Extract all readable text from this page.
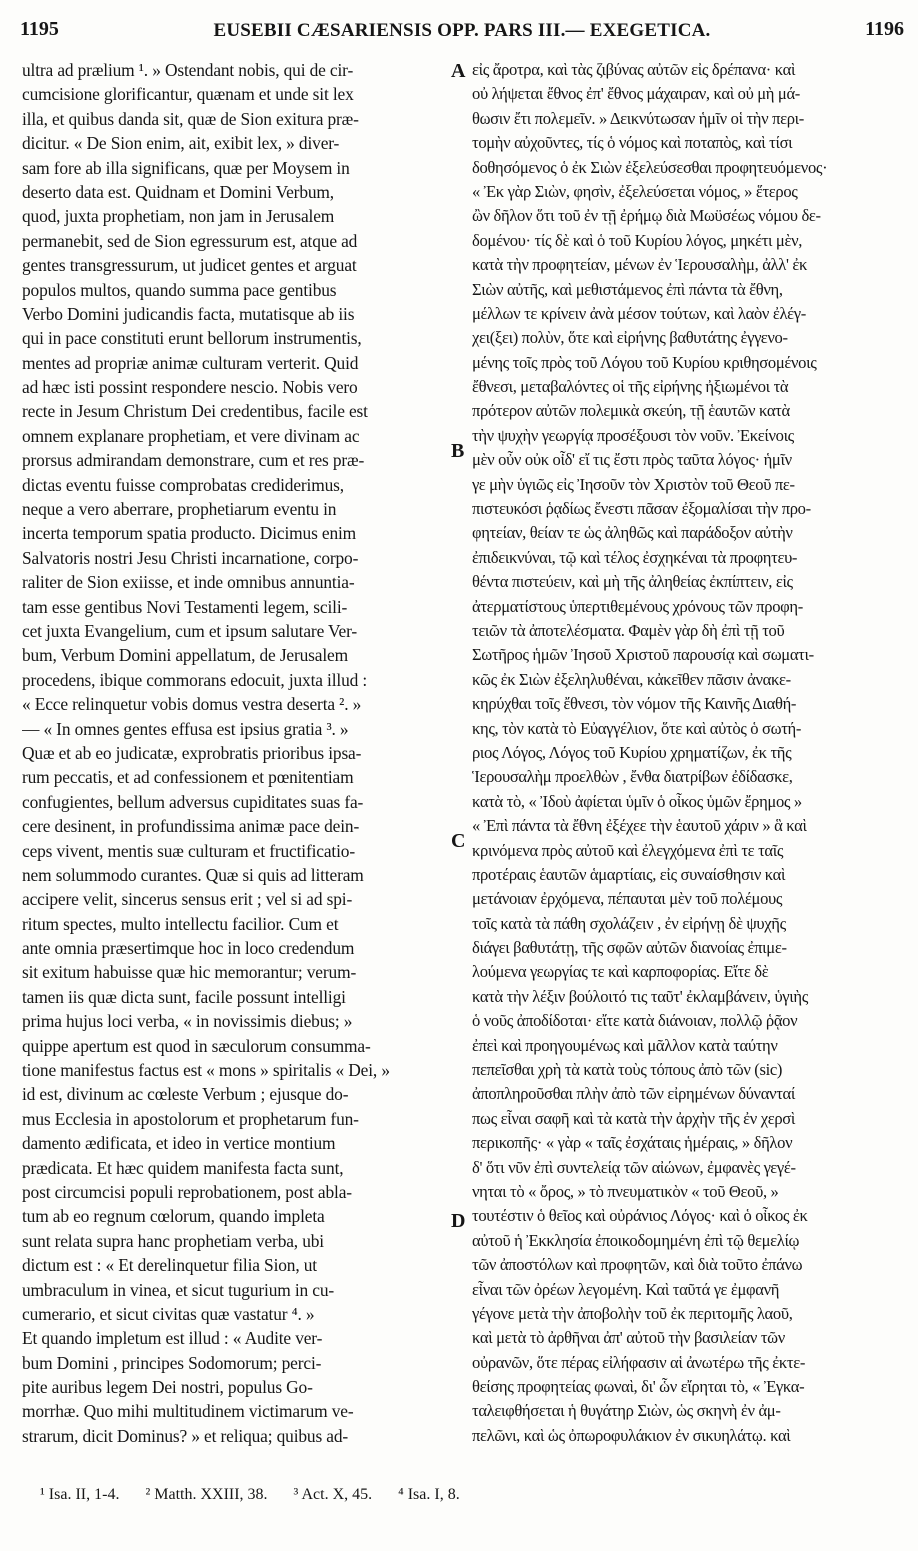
1195	EUSEBII CÆSARIENSIS OPP. PARS III.— EXEGETICA.	1196
ultra ad prælium ¹. » Ostendant nobis, qui de cir-
cumcisione glorificantur, quænam et unde sit lex
illa, et quibus danda sit, quæ de Sion exitura præ-
dicitur. « De Sion enim, ait, exibit lex, » diver-
sam fore ab illa significans, quæ per Moysem in
deserto data est. Quidnam et Domini Verbum,
quod, juxta prophetiam, non jam in Jerusalem
permanebit, sed de Sion egressurum est, atque ad
gentes transgressurum, ut judicet gentes et arguat
populos multos, quando summa pace gentibus
Verbo Domini judicandis facta, mutatisque ab iis
qui in pace constituti erunt bellorum instrumentis,
mentes ad propriæ animæ culturam verterit. Quid
ad hæc isti possint respondere nescio. Nobis vero
recte in Jesum Christum Dei credentibus, facile est
omnem explanare prophetiam, et vere divinam ac
prorsus admirandam demonstrare, cum et res præ-
dictas eventu fuisse comprobatas crediderimus,
neque a vero aberrare, prophetiarum eventu in
incerta temporum spatia producto. Dicimus enim
Salvatoris nostri Jesu Christi incarnatione, corpo-
raliter de Sion exiisse, et inde omnibus annuntia-
tam esse gentibus Novi Testamenti legem, scili-
cet juxta Evangelium, cum et ipsum salutare Ver-
bum, Verbum Domini appellatum, de Jerusalem
procedens, ibique commorans edocuit, juxta illud :
« Ecce relinquetur vobis domus vestra deserta ². »
— « In omnes gentes effusa est ipsius gratia ³. »
Quæ et ab eo judicatæ, exprobratis prioribus ipsa-
rum peccatis, et ad confessionem et pœnitentiam
confugientes, bellum adversus cupiditates suas fa-
cere desinent, in profundissima animæ pace dein-
ceps vivent, mentis suæ culturam et fructificatio-
nem solummodo curantes. Quæ si quis ad litteram
accipere velit, sincerus sensus erit ; vel si ad spi-
ritum spectes, multo intellectu facilior. Cum et
ante omnia præsertimque hoc in loco credendum
sit exitum habuisse quæ hic memorantur; verum-
tamen iis quæ dicta sunt, facile possunt intelligi
prima hujus loci verba, « in novissimis diebus; »
quippe apertum est quod in sæculorum consumma-
tione manifestus factus est « mons » spiritalis « Dei, »
id est, divinum ac cœleste Verbum ; ejusque do-
mus Ecclesia in apostolorum et prophetarum fun-
damento ædificata, et ideo in vertice montium
prædicata. Et hæc quidem manifesta facta sunt,
post circumcisi populi reprobationem, post abla-
tum ab eo regnum cœlorum, quando impleta
sunt relata supra hanc prophetiam verba, ubi
dictum est : « Et derelinquetur filia Sion, ut
umbraculum in vinea, et sicut tugurium in cu-
cumerario, et sicut civitas quæ vastatur ⁴. »
Et quando impletum est illud : « Audite ver-
bum Domini , principes Sodomorum; perci-
pite auribus legem Dei nostri, populus Go-
morrhæ. Quo mihi multitudinem victimarum ve-
strarum, dicit Dominus? » et reliqua; quibus ad-
A
B
C
D
εἰς ἄροτρα, καὶ τὰς ζιβύνας αὐτῶν εἰς δρέπανα· καὶ
οὐ λήψεται ἔθνος ἐπ' ἔθνος μάχαιραν, καὶ οὐ μὴ μά-
θωσιν ἔτι πολεμεῖν. » Δεικνύτωσαν ἡμῖν οἱ τὴν περι-
τομὴν αὐχοῦντες, τίς ὁ νόμος καὶ ποταπὸς, καὶ τίσι
δοθησόμενος ὁ ἐκ Σιὼν ἐξελεύσεσθαι προφητευόμενος·
« Ἐκ γὰρ Σιὼν, φησὶν, ἐξελεύσεται νόμος, » ἕτερος
ὢν δῆλον ὅτι τοῦ ἐν τῇ ἐρήμῳ διὰ Μωϋσέως νόμου δε-
δομένου· τίς δὲ καὶ ὁ τοῦ Κυρίου λόγος, μηκέτι μὲν,
κατὰ τὴν προφητείαν, μένων ἐν Ἱερουσαλὴμ, ἀλλ' ἐκ
Σιὼν αὐτῆς, καὶ μεθιστάμενος ἐπὶ πάντα τὰ ἔθνη,
μέλλων τε κρίνειν ἀνὰ μέσον τούτων, καὶ λαὸν ἐλέγ-
χει(ξει) πολὺν, ὅτε καὶ εἰρήνης βαθυτάτης ἐγγενο-
μένης τοῖς πρὸς τοῦ Λόγου τοῦ Κυρίου κριθησομένοις
ἔθνεσι, μεταβαλόντες οἱ τῆς εἰρήνης ἠξιωμένοι τὰ
πρότερον αὐτῶν πολεμικὰ σκεύη, τῇ ἑαυτῶν κατὰ
τὴν ψυχὴν γεωργίᾳ προσέξουσι τὸν νοῦν. Ἐκείνοις
μὲν οὖν οὐκ οἶδ' εἴ τις ἔστι πρὸς ταῦτα λόγος· ἡμῖν
γε μὴν ὑγιῶς εἰς Ἰησοῦν τὸν Χριστὸν τοῦ Θεοῦ πε-
πιστευκόσι ῥᾳδίως ἔνεστι πᾶσαν ἐξομαλίσαι τὴν προ-
φητείαν, θείαν τε ὡς ἀληθῶς καὶ παράδοξον αὐτὴν
ἐπιδεικνύναι, τῷ καὶ τέλος ἐσχηκέναι τὰ προφητευ-
θέντα πιστεύειν, καὶ μὴ τῆς ἀληθείας ἐκπίπτειν, εἰς
ἀτερματίστους ὑπερτιθεμένους χρόνους τῶν προφη-
τειῶν τὰ ἀποτελέσματα. Φαμὲν γὰρ δὴ ἐπὶ τῇ τοῦ
Σωτῆρος ἡμῶν Ἰησοῦ Χριστοῦ παρουσίᾳ καὶ σωματι-
κῶς ἐκ Σιὼν ἐξεληλυθέναι, κἀκεῖθεν πᾶσιν ἀνακε-
κηρύχθαι τοῖς ἔθνεσι, τὸν νόμον τῆς Καινῆς Διαθή-
κης, τὸν κατὰ τὸ Εὐαγγέλιον, ὅτε καὶ αὐτὸς ὁ σωτή-
ριος Λόγος, Λόγος τοῦ Κυρίου χρηματίζων, ἐκ τῆς
Ἱερουσαλὴμ προελθὼν , ἔνθα διατρίβων ἐδίδασκε,
κατὰ τὸ, « Ἰδοὺ ἀφίεται ὑμῖν ὁ οἶκος ὑμῶν ἔρημος »
« Ἐπὶ πάντα τὰ ἔθνη ἐξέχεε τὴν ἑαυτοῦ χάριν » ἃ καὶ
κρινόμενα πρὸς αὐτοῦ καὶ ἐλεγχόμενα ἐπὶ τε ταῖς
προτέραις ἑαυτῶν ἁμαρτίαις, εἰς συναίσθησιν καὶ
μετάνοιαν ἐρχόμενα, πέπαυται μὲν τοῦ πολέμους
τοῖς κατὰ τὰ πάθη σχολάζειν , ἐν εἰρήνῃ δὲ ψυχῆς
διάγει βαθυτάτῃ, τῆς σφῶν αὐτῶν διανοίας ἐπιμε-
λούμενα γεωργίας τε καὶ καρποφορίας. Εἴτε δὲ
κατὰ τὴν λέξιν βούλοιτό τις ταῦτ' ἐκλαμβάνειν, ὑγιὴς
ὁ νοῦς ἀποδίδοται· εἴτε κατὰ διάνοιαν, πολλῷ ῥᾷον
ἐπεὶ καὶ προηγουμένως καὶ μᾶλλον κατὰ ταύτην
πεπεῖσθαι χρὴ τὰ κατὰ τοὺς τόπους ἀπὸ τῶν (sic)
ἀποπληροῦσθαι πλὴν ἀπὸ τῶν εἰρημένων δύνανταί
πως εἶναι σαφῆ καὶ τὰ κατὰ τὴν ἀρχὴν τῆς ἐν χερσὶ
περικοπῆς· « γὰρ « ταῖς ἐσχάταις ἡμέραις, » δῆλον
δ' ὅτι νῦν ἐπὶ συντελείᾳ τῶν αἰώνων, ἐμφανὲς γεγέ-
νηται τὸ « ὄρος, » τὸ πνευματικὸν « τοῦ Θεοῦ, »
τουτέστιν ὁ θεῖος καὶ οὐράνιος Λόγος· καὶ ὁ οἶκος ἐκ
αὐτοῦ ἡ Ἐκκλησία ἐποικοδομημένη ἐπὶ τῷ θεμελίῳ
τῶν ἀποστόλων καὶ προφητῶν, καὶ διὰ τοῦτο ἐπάνω
εἶναι τῶν ὀρέων λεγομένη. Καὶ ταῦτά γε ἐμφανῆ
γέγονε μετὰ τὴν ἀποβολὴν τοῦ ἐκ περιτομῆς λαοῦ,
καὶ μετὰ τὸ ἀρθῆναι ἀπ' αὐτοῦ τὴν βασιλείαν τῶν
οὐρανῶν, ὅτε πέρας εἰλήφασιν αἱ ἀνωτέρω τῆς ἐκτε-
θείσης προφητείας φωναὶ, δι' ὧν εἴρηται τὸ, « Ἐγκα-
ταλειφθήσεται ἡ θυγάτηρ Σιὼν, ὡς σκηνὴ ἐν ἀμ-
πελῶνι, καὶ ὡς ὀπωροφυλάκιον ἐν σικυηλάτῳ. καὶ
¹ Isa. II, 1-4. ² Matth. XXIII, 38. ³ Act. X, 45. ⁴ Isa. I, 8.
